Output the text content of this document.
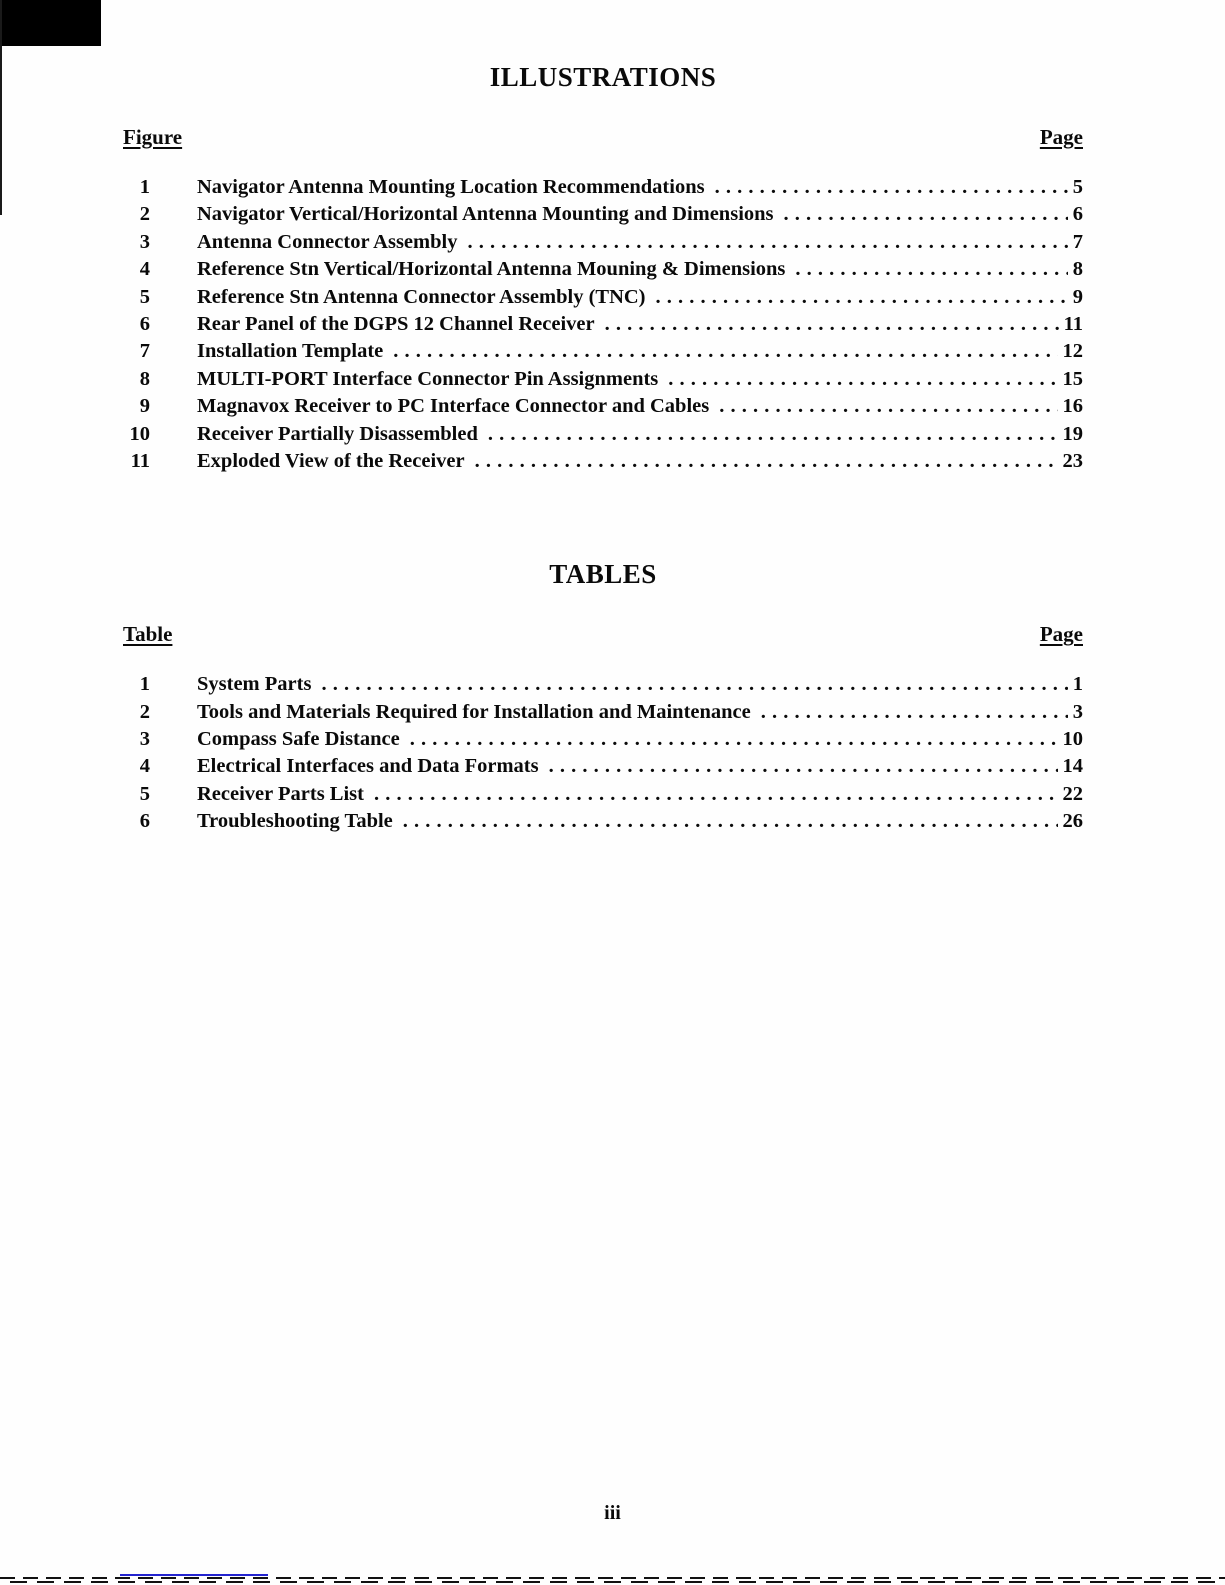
ILLUSTRATIONS
Figure	Page
1 Navigator Antenna Mounting Location Recommendations . . .	5
2 Navigator Vertical/Horizontal Antenna Mounting and Dimensions . . .	6
3 Antenna Connector Assembly . . .	7
4 Reference Stn Vertical/Horizontal Antenna Mouning & Dimensions . . .	8
5 Reference Stn Antenna Connector Assembly (TNC) . . .	9
6 Rear Panel of the DGPS 12 Channel Receiver . . .	11
7 Installation Template . . .	12
8 MULTI-PORT Interface Connector Pin Assignments . . .	15
9 Magnavox Receiver to PC Interface Connector and Cables . . .	16
10 Receiver Partially Disassembled . . .	19
11 Exploded View of the Receiver . . .	23
TABLES
Table	Page
1 System Parts . . .	1
2 Tools and Materials Required for Installation and Maintenance . . .	3
3 Compass Safe Distance . . .	10
4 Electrical Interfaces and Data Formats . . .	14
5 Receiver Parts List . . .	22
6 Troubleshooting Table . . .	26
iii
